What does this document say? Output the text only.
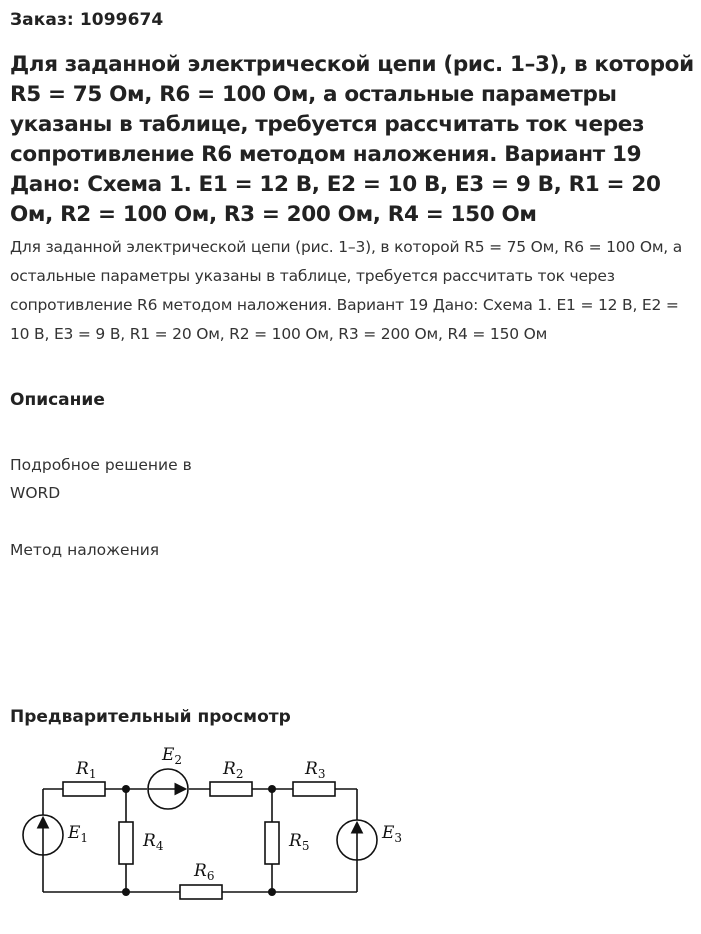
Заказ: 1099674
Для заданной электрической цепи (рис. 1–3), в которой R5 = 75 Ом, R6 = 100 Ом, а остальные параметры указаны в таблице, требуется рассчитать ток через сопротивление R6 методом наложения. Вариант 19 Дано: Схема 1. E1 = 12 В, E2 = 10 В, E3 = 9 В, R1 = 20 Ом, R2 = 100 Ом, R3 = 200 Ом, R4 = 150 Ом

Для заданной электрической цепи (рис. 1–3), в которой R5 = 75 Ом, R6 = 100 Ом, а остальные параметры указаны в таблице, требуется рассчитать ток через сопротивление R6 методом наложения. Вариант 19 Дано: Схема 1. E1 = 12 В, E2 = 10 В, E3 = 9 В, R1 = 20 Ом, R2 = 100 Ом, R3 = 200 Ом, R4 = 150 Ом

Описание
Подробное решение в
WORD
Метод наложения
Предварительный просмотр
$R_1$
$E_2$ $R_2$	$R_3$
$E_1$	$R_4$	$R_5$
$E_3$
$R_6$
